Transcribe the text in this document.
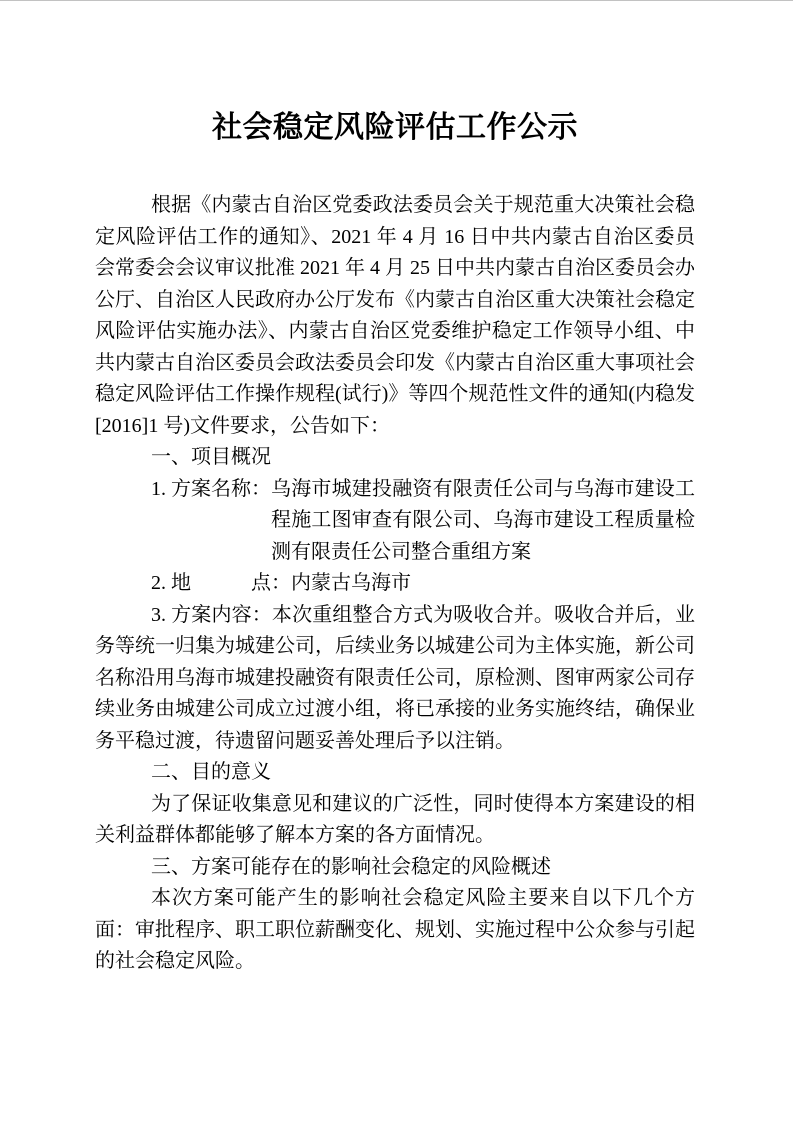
社会稳定风险评估工作公示

根据《内蒙古自治区党委政法委员会关于规范重大决策社会稳定风险评估工作的通知》、2021 年 4 月 16 日中共内蒙古自治区委员会常委会会议审议批准 2021 年 4 月 25 日中共内蒙古自治区委员会办公厅、自治区人民政府办公厅发布《内蒙古自治区重大决策社会稳定风险评估实施办法》、内蒙古自治区党委维护稳定工作领导小组、中共内蒙古自治区委员会政法委员会印发《内蒙古自治区重大事项社会稳定风险评估工作操作规程(试行)》等四个规范性文件的通知(内稳发[2016]1 号)文件要求，公告如下：

一、项目概况

1. 方案名称： 乌海市城建投融资有限责任公司与乌海市建设工程施工图审查有限公司、乌海市建设工程质量检测有限责任公司整合重组方案
2. 地　　　点： 内蒙古乌海市

3. 方案内容：本次重组整合方式为吸收合并。吸收合并后，业务等统一归集为城建公司，后续业务以城建公司为主体实施，新公司名称沿用乌海市城建投融资有限责任公司，原检测、图审两家公司存续业务由城建公司成立过渡小组，将已承接的业务实施终结，确保业务平稳过渡，待遗留问题妥善处理后予以注销。

二、目的意义

为了保证收集意见和建议的广泛性，同时使得本方案建设的相关利益群体都能够了解本方案的各方面情况。

三、方案可能存在的影响社会稳定的风险概述

本次方案可能产生的影响社会稳定风险主要来自以下几个方面：审批程序、职工职位薪酬变化、规划、实施过程中公众参与引起的社会稳定风险。
